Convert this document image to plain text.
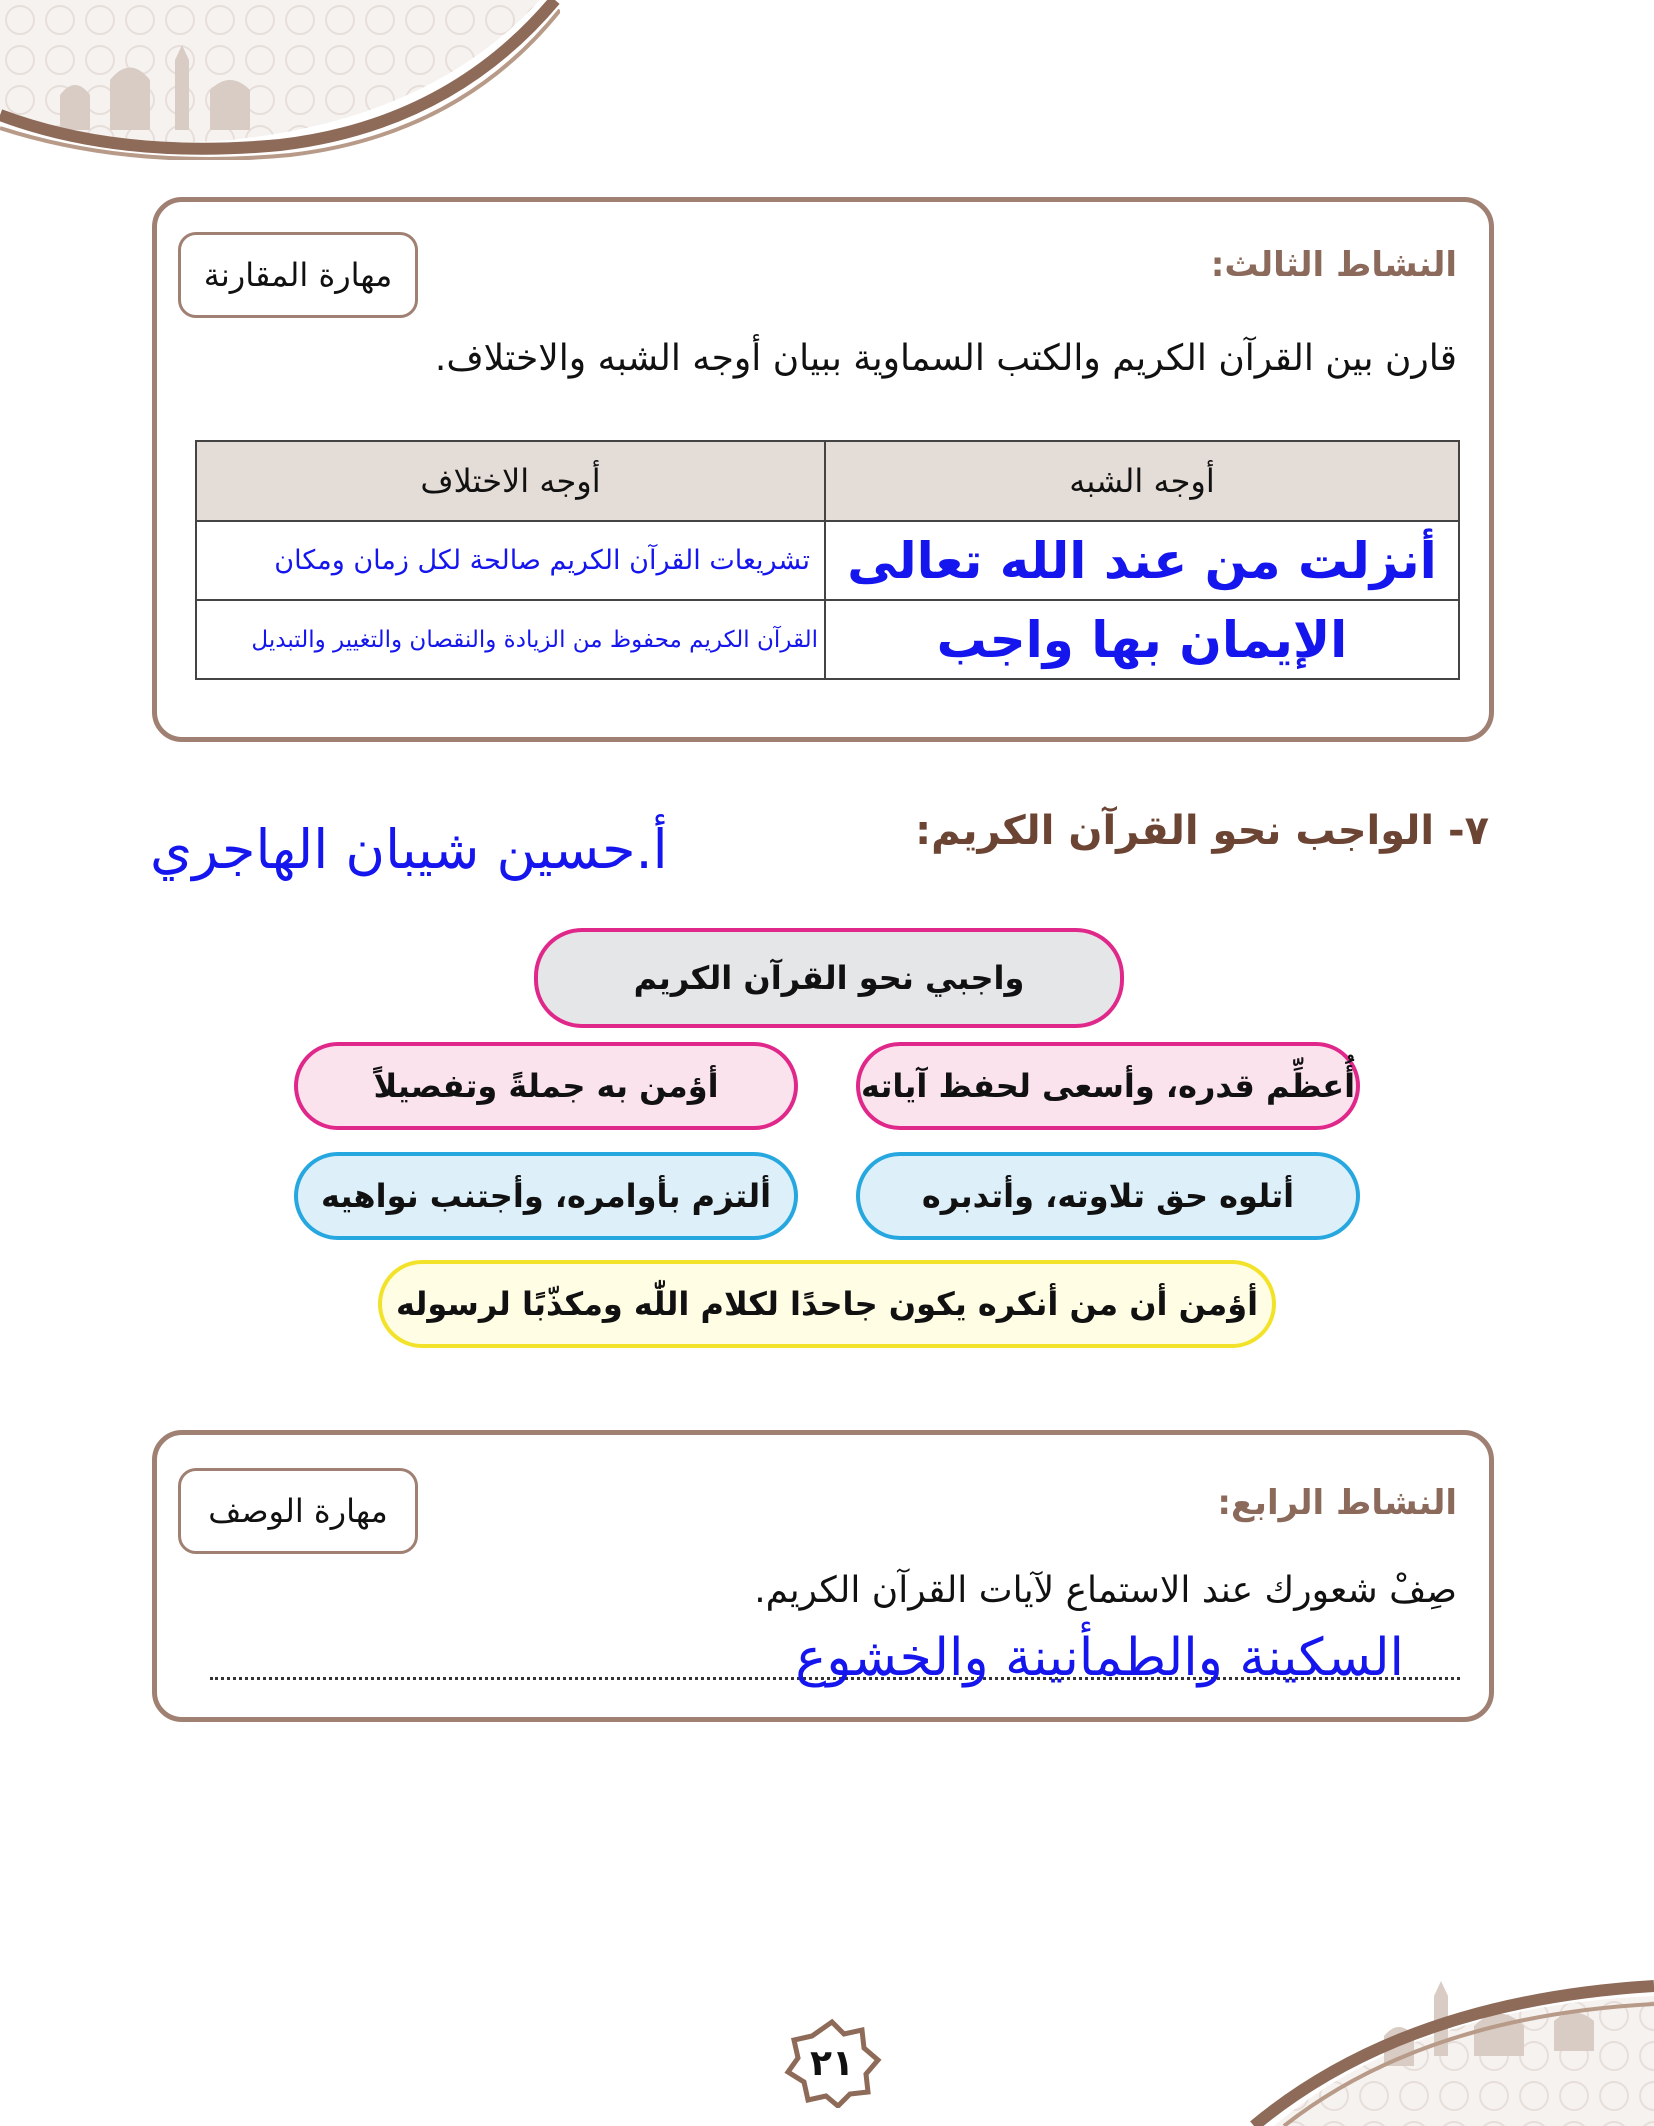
مهارة المقارنة	النشاط الثالث:
قارن بين القرآن الكريم والكتب السماوية ببيان أوجه الشبه والاختلاف.
أوجه الشبه	أوجه الاختلاف
أنزلت من عند الله تعالى	تشريعات القرآن الكريم صالحة لكل زمان ومكان
الإيمان بها واجب	القرآن الكريم محفوظ من الزيادة والنقصان والتغيير والتبديل
٧- الواجب نحو القرآن الكريم:
أ.حسين شيبان الهاجري
واجبي نحو القرآن الكريم
أُعظِّم قدره، وأسعى لحفظ آياته
أؤمن به جملةً وتفصيلاً
أتلوه حق تلاوته، وأتدبره
ألتزم بأوامره، وأجتنب نواهيه
أؤمن أن من أنكره يكون جاحدًا لكلام اللّٰه ومكذّبًا لرسوله
مهارة الوصف	النشاط الرابع:
صِفْ شعورك عند الاستماع لآيات القرآن الكريم.
السكينة والطمأنينة والخشوع
٢١
